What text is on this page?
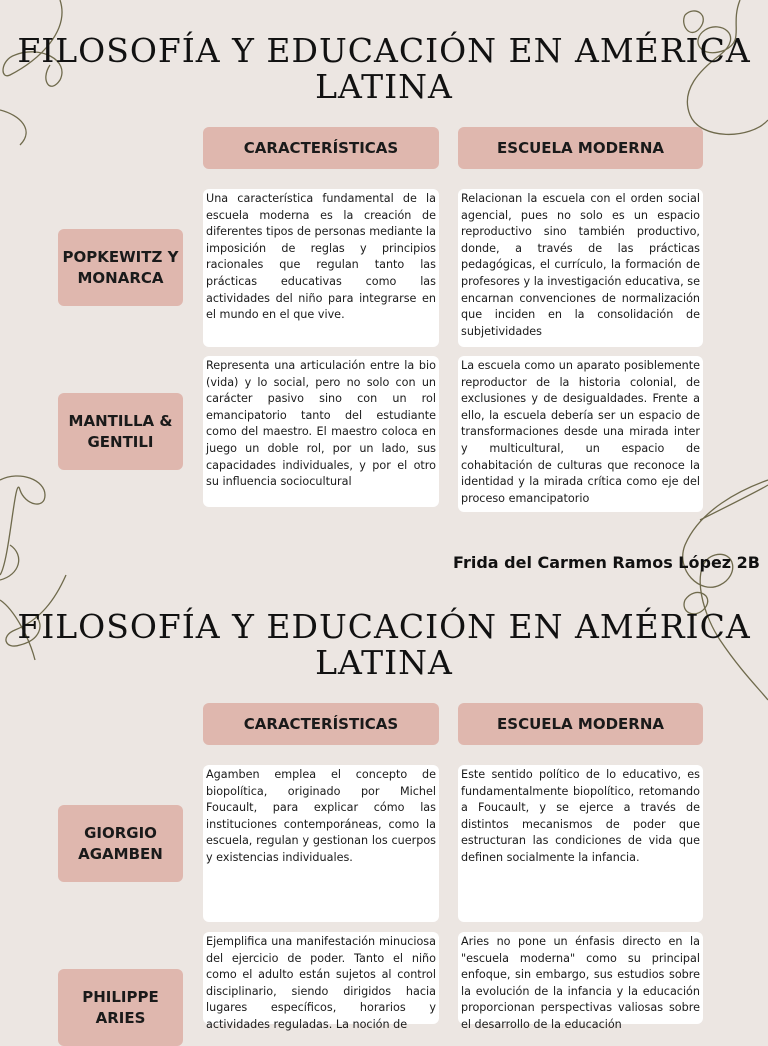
FILOSOFÍA Y EDUCACIÓN EN AMÉRICA LATINA
CARACTERÍSTICAS	ESCUELA MODERNA
POPKEWITZ Y MONARCA
Una característica fundamental de la escuela moderna es la creación de diferentes tipos de personas mediante la imposición de reglas y principios racionales que regulan tanto las prácticas educativas como las actividades del niño para integrarse en el mundo en el que vive.
Relacionan la escuela con el orden social agencial, pues no solo es un espacio reproductivo sino también productivo, donde, a través de las prácticas pedagógicas, el currículo, la formación de profesores y la investigación educativa, se encarnan convenciones de normalización que inciden en la consolidación de subjetividades
MANTILLA & GENTILI
Representa una articulación entre la bio (vida) y lo social, pero no solo con un carácter pasivo sino con un rol emancipatorio tanto del estudiante como del maestro. El maestro coloca en juego un doble rol, por un lado, sus capacidades individuales, y por el otro su influencia sociocultural
La escuela como un aparato posiblemente reproductor de la historia colonial, de exclusiones y de desigualdades. Frente a ello, la escuela debería ser un espacio de transformaciones desde una mirada inter y multicultural, un espacio de cohabitación de culturas que reconoce la identidad y la mirada crítica como eje del proceso emancipatorio
Frida del Carmen Ramos López 2B
FILOSOFÍA Y EDUCACIÓN EN AMÉRICA LATINA
CARACTERÍSTICAS	ESCUELA MODERNA
GIORGIO AGAMBEN
Agamben emplea el concepto de biopolítica, originado por Michel Foucault, para explicar cómo las instituciones contemporáneas, como la escuela, regulan y gestionan los cuerpos y existencias individuales.
Este sentido político de lo educativo, es fundamentalmente biopolítico, retomando a Foucault, y se ejerce a través de distintos mecanismos de poder que estructuran las condiciones de vida que definen socialmente la infancia.
PHILIPPE ARIES
Ejemplifica una manifestación minuciosa del ejercicio de poder. Tanto el niño como el adulto están sujetos al control disciplinario, siendo dirigidos hacia lugares específicos, horarios y actividades reguladas. La noción de
Aries no pone un énfasis directo en la "escuela moderna" como su principal enfoque, sin embargo, sus estudios sobre la evolución de la infancia y la educación proporcionan perspectivas valiosas sobre el desarrollo de la educación
